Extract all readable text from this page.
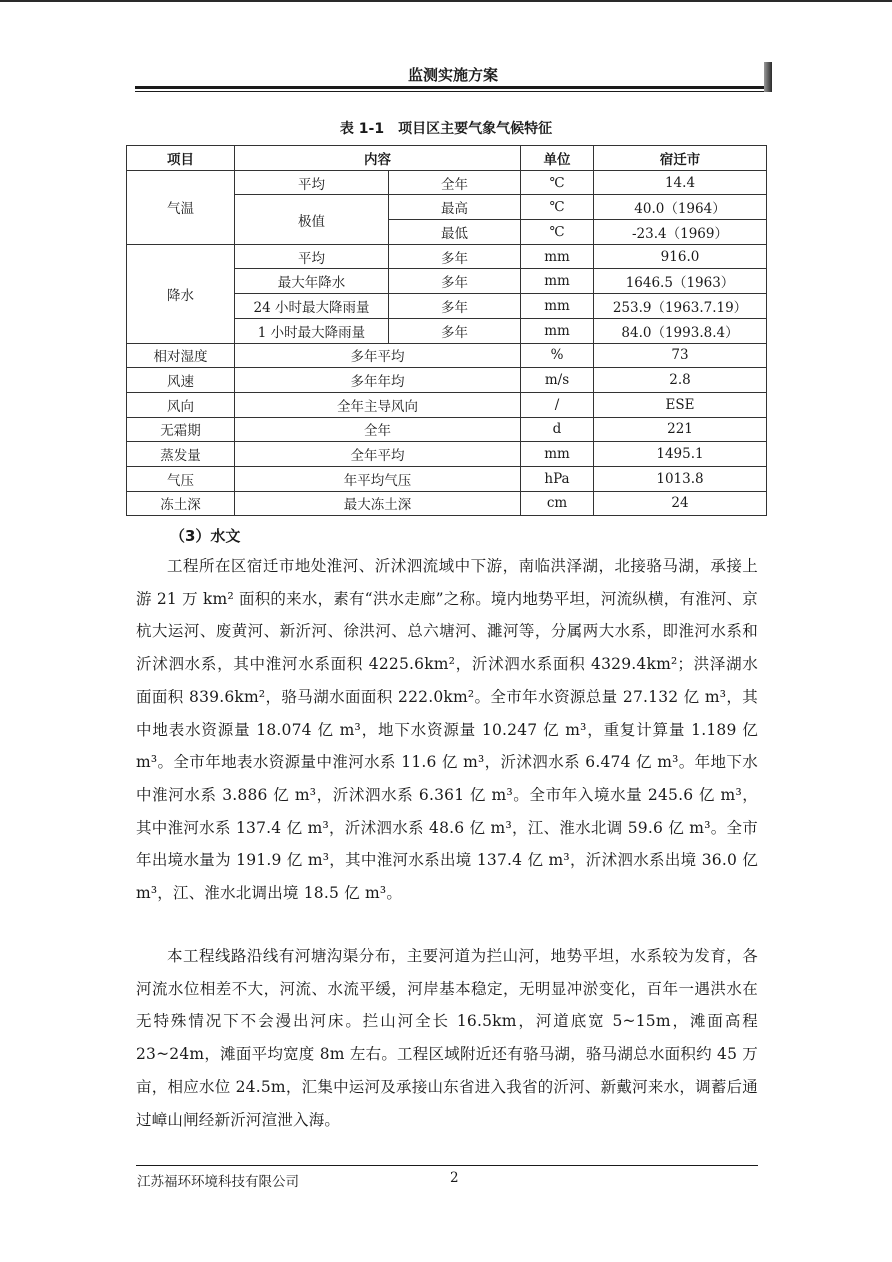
监测实施方案
表 1-1　项目区主要气象气候特征
项目	内容		单位	宿迁市
气温	平均	全年	℃	14.4
	极值	最高	℃	40.0（1964）
		最低	℃	-23.4（1969）
降水	平均	多年	mm	916.0
	最大年降水	多年	mm	1646.5（1963）
	24 小时最大降雨量	多年	mm	253.9（1963.7.19）
	1 小时最大降雨量	多年	mm	84.0（1993.8.4）
相对湿度	多年平均		%	73
风速	多年年均		m/s	2.8
风向	全年主导风向		/	ESE
无霜期	全年		d	221
蒸发量	全年平均		mm	1495.1
气压	年平均气压		hPa	1013.8
冻土深	最大冻土深		cm	24
（3）水文

工程所在区宿迁市地处淮河、沂沭泗流域中下游，南临洪泽湖，北接骆马湖，承接上游 21 万 km² 面积的来水，素有“洪水走廊”之称。境内地势平坦，河流纵横，有淮河、京杭大运河、废黄河、新沂河、徐洪河、总六塘河、濉河等，分属两大水系，即淮河水系和沂沭泗水系，其中淮河水系面积 4225.6km²，沂沭泗水系面积 4329.4km²；洪泽湖水面面积 839.6km²，骆马湖水面面积 222.0km²。全市年水资源总量 27.132 亿 m³，其中地表水资源量 18.074 亿 m³，地下水资源量 10.247 亿 m³，重复计算量 1.189 亿 m³。全市年地表水资源量中淮河水系 11.6 亿 m³，沂沭泗水系 6.474 亿 m³。年地下水中淮河水系 3.886 亿 m³，沂沭泗水系 6.361 亿 m³。全市年入境水量 245.6 亿 m³，其中淮河水系 137.4 亿 m³，沂沭泗水系 48.6 亿 m³，江、淮水北调 59.6 亿 m³。全市年出境水量为 191.9 亿 m³，其中淮河水系出境 137.4 亿 m³，沂沭泗水系出境 36.0 亿 m³，江、淮水北调出境 18.5 亿 m³。

本工程线路沿线有河塘沟渠分布，主要河道为拦山河，地势平坦，水系较为发育，各河流水位相差不大，河流、水流平缓，河岸基本稳定，无明显冲淤变化，百年一遇洪水在无特殊情况下不会漫出河床。拦山河全长 16.5km，河道底宽 5~15m，滩面高程 23~24m，滩面平均宽度 8m 左右。工程区域附近还有骆马湖，骆马湖总水面积约 45 万亩，相应水位 24.5m，汇集中运河及承接山东省进入我省的沂河、新戴河来水，调蓄后通过嶂山闸经新沂河渲泄入海。

江苏福环环境科技有限公司	2
